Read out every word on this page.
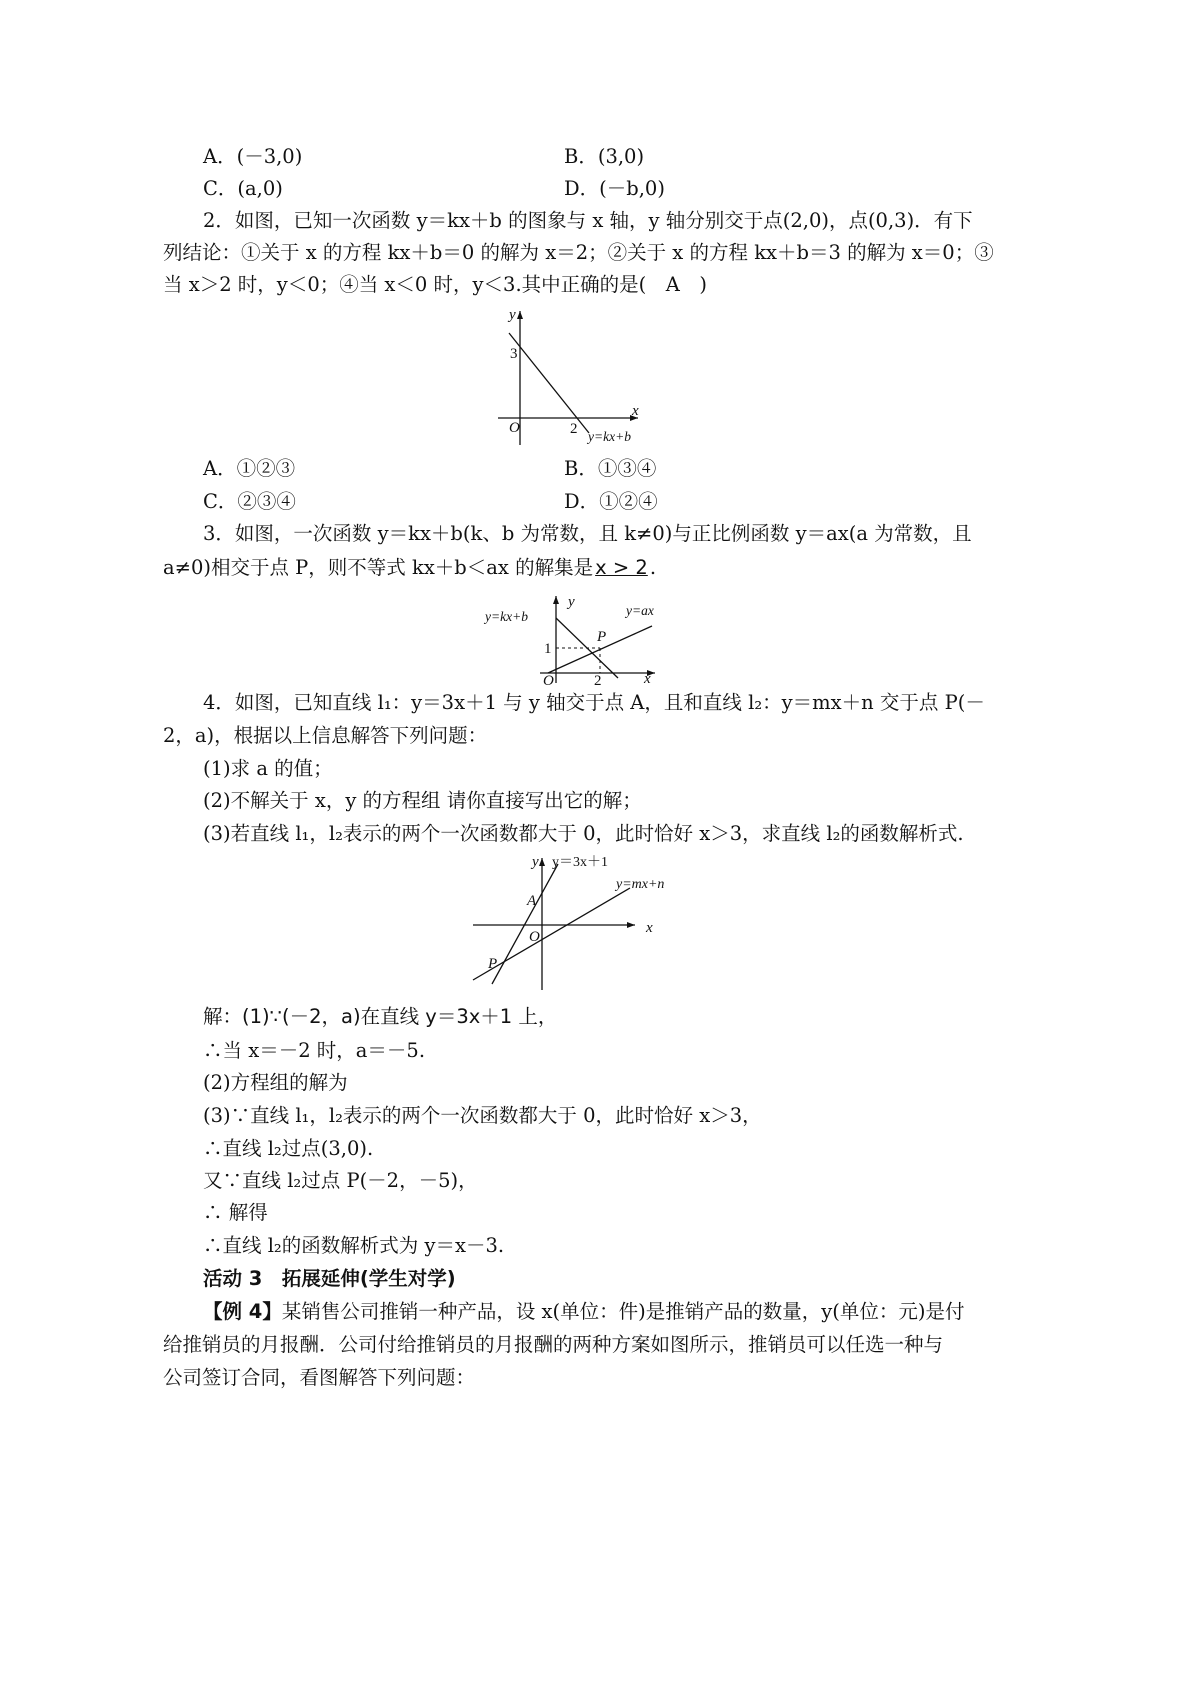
A．(－3,0)	B．(3,0)
C．(a,0)	D．(－b,0)
2．如图，已知一次函数 y＝kx＋b 的图象与 x 轴，y 轴分别交于点(2,0)，点(0,3)．有下
列结论：①关于 x 的方程 kx＋b＝0 的解为 x＝2；②关于 x 的方程 kx＋b＝3 的解为 x＝0；③
当 x＞2 时，y＜0；④当 x＜0 时，y＜3.其中正确的是(　A　)
y
x
O
3
2 y=kx+b
A．①②③	B．①③④
C．②③④	D．①②④
3．如图，一次函数 y＝kx＋b(k、b 为常数，且 k≠0)与正比例函数 y＝ax(a 为常数，且
a≠0)相交于点 P，则不等式 kx＋b＜ax 的解集是 x > 2 .
y=kx+b	y=ax
y
x
O
P
1
2
4．如图，已知直线 l₁：y＝3x＋1 与 y 轴交于点 A，且和直线 l₂：y＝mx＋n 交于点 P(－
2，a)，根据以上信息解答下列问题：
(1)求 a 的值；
(2)不解关于 x，y 的方程组 请你直接写出它的解；
(3)若直线 l₁，l₂表示的两个一次函数都大于 0，此时恰好 x＞3，求直线 l₂的函数解析式.
y
x
y＝3x＋1
y=mx+n
A
O
P
解：(1)∵(－2，a)在直线 y＝3x＋1 上，
∴当 x＝－2 时，a＝－5.
(2)方程组的解为
(3)∵直线 l₁，l₂表示的两个一次函数都大于 0，此时恰好 x＞3，
∴直线 l₂过点(3,0).
又∵直线 l₂过点 P(－2，－5)，
∴ 解得
∴直线 l₂的函数解析式为 y＝x－3.
活动 3　拓展延伸(学生对学)
【例 4】某销售公司推销一种产品，设 x(单位：件)是推销产品的数量，y(单位：元)是付
给推销员的月报酬．公司付给推销员的月报酬的两种方案如图所示，推销员可以任选一种与
公司签订合同，看图解答下列问题：
